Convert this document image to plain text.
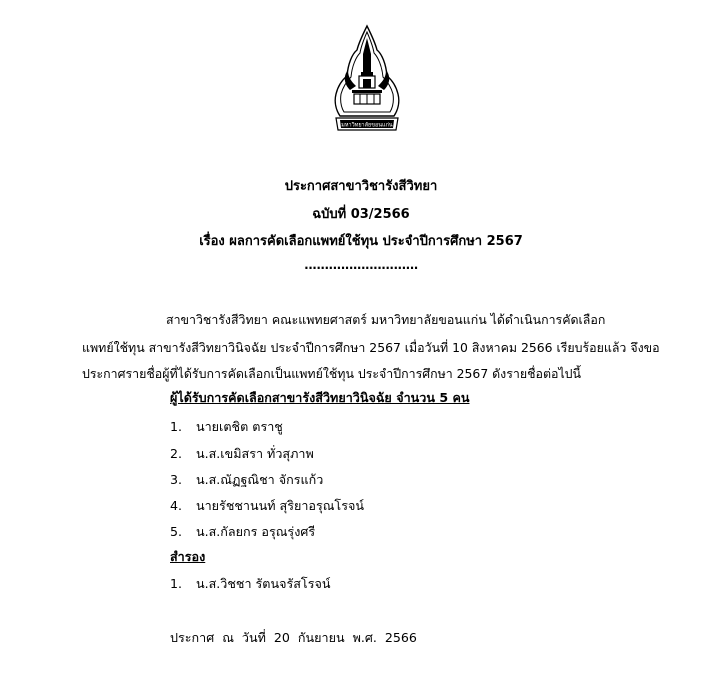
มหาวิทยาลัยขอนแก่น
ประกาศสาขาวิชารังสีวิทยา
ฉบับที่ 03/2566
เรื่อง ผลการคัดเลือกแพทย์ใช้ทุน ประจำปีการศึกษา 2567
............................
สาขาวิชารังสีวิทยา คณะแพทยศาสตร์ มหาวิทยาลัยขอนแก่น ได้ดำเนินการคัดเลือก
แพทย์ใช้ทุน สาขารังสีวิทยาวินิจฉัย ประจำปีการศึกษา 2567 เมื่อวันที่ 10 สิงหาคม 2566 เรียบร้อยแล้ว จึงขอ
ประกาศรายชื่อผู้ที่ได้รับการคัดเลือกเป็นแพทย์ใช้ทุน ประจำปีการศึกษา 2567 ดังรายชื่อต่อไปนี้
ผู้ได้รับการคัดเลือกสาขารังสีวิทยาวินิจฉัย จำนวน 5 คน
1. นายเตชิต ตราชู
2. น.ส.เขมิสรา ทั่วสุภาพ
3. น.ส.ณัฏฐณิชา จักรแก้ว
4. นายรัชชานนท์ สุริยาอรุณโรจน์
5. น.ส.กัลยกร อรุณรุ่งศรี
สำรอง
1. น.ส.วิชชา รัตนจรัสโรจน์
ประกาศ ณ วันที่ 20 กันยายน พ.ศ. 2566
